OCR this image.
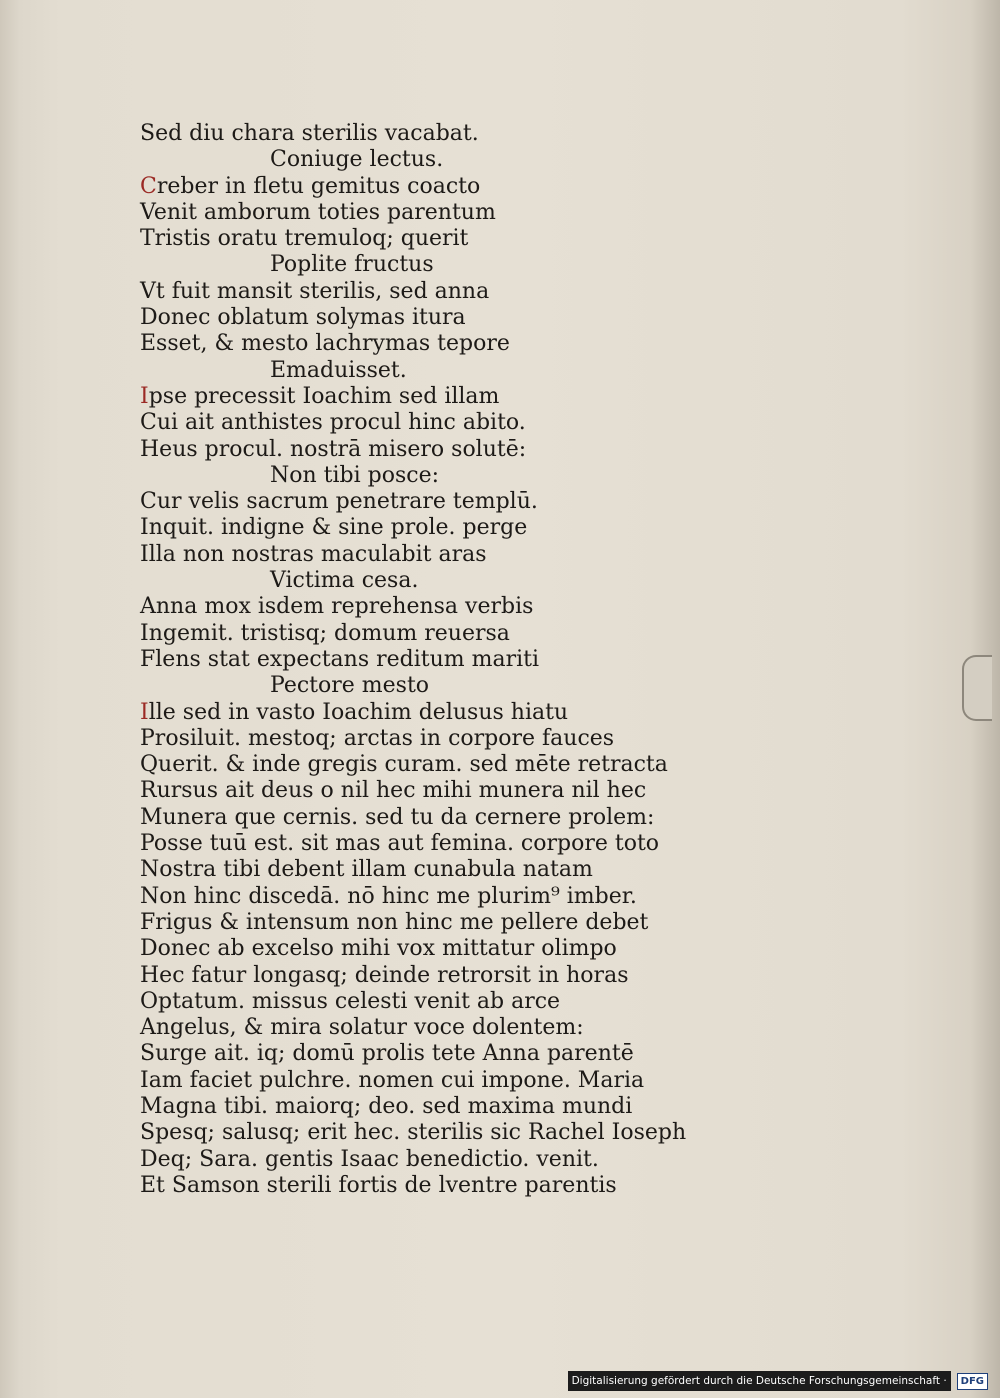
Sed diu chara sterilis vacabat.
Coniuge lectus.
Creber in fletu gemitus coacto
Venit amborum toties parentum
Tristis oratu tremuloq; querit
Poplite fructus
Vt fuit mansit sterilis, sed anna
Donec oblatum solymas itura
Esset, & mesto lachrymas tepore
Emaduisset.
Ipse precessit Ioachim sed illam
Cui ait anthistes procul hinc abito.
Heus procul. nostrā misero solutē:
Non tibi posce:
Cur velis sacrum penetrare templū.
Inquit. indigne & sine prole. perge
Illa non nostras maculabit aras
Victima cesa.
Anna mox isdem reprehensa verbis
Ingemit. tristisq; domum reuersa
Flens stat expectans reditum mariti
Pectore mesto
Ille sed in vasto Ioachim delusus hiatu
Prosiluit. mestoq; arctas in corpore fauces
Querit. & inde gregis curam. sed mēte retracta
Rursus ait deus o nil hec mihi munera nil hec
Munera que cernis. sed tu da cernere prolem:
Posse tuū est. sit mas aut femina. corpore toto
Nostra tibi debent illam cunabula natam
Non hinc discedā. nō hinc me plurim⁹ imber.
Frigus & intensum non hinc me pellere debet
Donec ab excelso mihi vox mittatur olimpo
Hec fatur longasq; deinde retrorsit in horas
Optatum. missus celesti venit ab arce
Angelus, & mira solatur voce dolentem:
Surge ait. iq; domū prolis tete Anna parentē
Iam faciet pulchre. nomen cui impone. Maria
Magna tibi. maiorq; deo. sed maxima mundi
Spesq; salusq; erit hec. sterilis sic Rachel Ioseph
Deq; Sara. gentis Isaac benedictio. venit.
Et Samson sterili fortis de lventre parentis
Digitalisierung gefördert durch die Deutsche Forschungsgemeinschaft ·	DFG
